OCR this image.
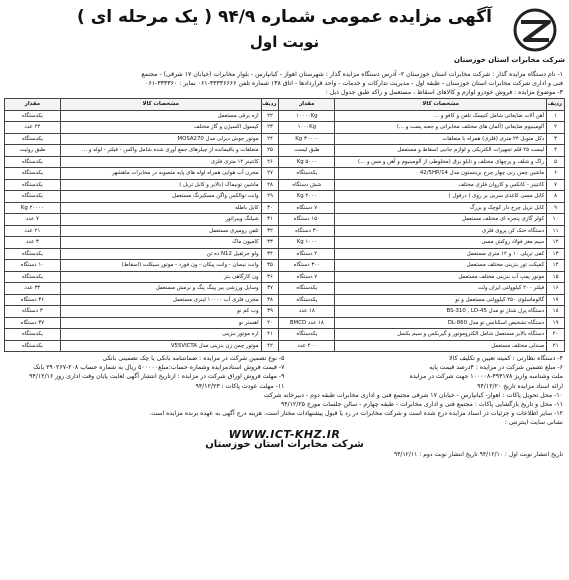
شرکت مخابرات استان خوزستان
آگهی مزایده عمومی شماره ۹۴/۹ ( یک مرحله ای )
نوبت اول

۱- نام دستگاه مزایده گذار : شرکت مخابرات استان خوزستان ۲- آدرس دستگاه مزایده گذار : شهرستان اهواز - کیانپارس - بلوار مخابرات (خیابان ۱۷ شرقی) - مجتمع

فنی و اداری شرکت مخابرات استان خوزستان - طبقه اول - مدیریت تدارکات و خدمات - واحد قراردادها - اتاق ۱۳۸ شماره تلفن ۳۳۳۳۶۶۶۶-۰۶۱ نمابر : ۳۳۳۳۶۰-۰۶۱

۳- موضوع مزایده : فروش خودرو لوازم و کالاهای اسقاط ، مستعمل و راکد طبق جدول ذیل :

ردیف	مشخصات کالا	مقدار	ردیف	مشخصات کالا	مقدار
۱	آهن آلات ضایعاتی شامل کنیسک تلفن و کافو و ...	۱۰۰۰۰Kg	۲۲	اره برقی مستعمل	یکدستگاه
۲	آلومینیوم ضایعاتی (آلمان های مختلف مخابراتی و جعبه پست و ...)	۱۰۰۰Kg	۲۳	کپسول اکسیژن و گاز مختلف	۲۴ عدد
۳	دکل متوبل ۲۴ متری (فلزی) همراه با متعلقات	۳۰۰۰۰ Kg	۲۴	موتور جوش دیزلی مدل MOSA270	یکدستگاه
۴	لیست ۲۵ قلم تجهیزات الکتریکی و لوازم جانبی اسقاط و مستعمل	طبق لیست	۲۵	متعلقات و باقیمانده از چیلرهای جمع آوری شده شامل واکس - فیلتر - لوله و ...	طبق روئیت
۵	راک و شلف و پرچهای مختلف و تابلو برق (مخلوطی از آلومینیوم و آهن و مس و ...)	۵۰۰۰ Kg	۲۶	کانتینر ۱۲ متری فلزی	یکدستگاه
۶	ماشین چمن زنی چهار چرخ برینستون مدل 42/5HP/14	یکدستگاه	۲۷	مخزن آب هوایی همراه لوله های پایه متصوبه در مخابرات ماهشهر	یکدستگاه
۷	کانتینر - کانکس و کاروان فلزی مختلف	شش دستگاه	۲۸	ماشین تونیماک (بالابر و کابل تریل )	یکدستگاه
۸	کابل مسی کاغذی سربی بر روی ( درقول )	۲۰۰۰ Kg	۲۹	وانت نوالکس واگن مسکیرنگ مستعمل	یکدستگاه
۹	کابل تریل چرخ دار کوچک و بزرگ	۷ دستگاه	۳۰	کابل باطله	۲۰۰۰۰ Kg
۱۰	کولر گازی پنجره ای مختلف مستعمل	۱۵۰ دستگاه	۳۱	شیلنگ ویبراتور	۷ عدد
۱۱	دستگاه خنک کن پروی فلزی	۳۰ دستگاه	۳۲	تلفن رومیزی مستعمل	۲۱ عدد
۱۲	سیم مغز فولاد روکش مسی	۱۰۰۰ Kg	۳۳	کامیون ماک	۳ عدد
۱۳	کفی تریلی ۱۰ و ۱۲ متری مستعمل	۲ دستگاه	۳۴	ولو جرثقیل N12 ده تن	یکدستگاه
۱۴	کمپکت تور بنزینی مختلف مستعمل	۳۰۰ دستگاه	۳۵	وانت نیسان - وانت پیکان - ون فورد - موتور سیکلت (اسقاط)	۱۰ دستگاه
۱۵	موتور پمپ آب بنزینی مختلف مستعمل	۷ دستگاه	۳۶	ون کارگاهی بنز	یکدستگاه
۱۶	فیلتر ۲۰۰ کیلوولتی ایران ولت	یکدستگاه	۳۷	وسایل ورزشی بیر پینگ پنگ و نرمش مستعمل	۳۴ عدد
۱۷	گالوماسلوی ۲۵۰ کیلوولتی مستعمل و نو	یکدستگاه	۳۸	مخزن فلزی آب ۱۰۰۰۰ لیتری مستعمل	۳۶ دستگاه
۱۸	دستگاه پرل شناز نو مدل BS-310 , LD-45	۱۸ عدد	۳۹	وب کم نو	۳ دستگاه
۱۹	دستگاه تشخیص اسکنانس نو مدل DL-860	۱۸ عدد BMCD	۴۰	اهستر نو	۳۷ دستگاه
۲۰	دستگاه بالابر مستعمل شامل الکتروموتور و گیربکس و سیم بکسل	یکدستگاه	۴۱	اره موتور بنزینی	یکدستگاه
۲۱	صندلی مختلف مستعمل	۴۰۰ عدد	۴۲	موتور چمن زن بنزینی مدل V55VICTA	یکدستگاه

۴- دستگاه نظارتی : کمیته تعیین و تکلیف کالا

۶- مبلغ تضمین شرکت در مزایده : ۴درصد قیمت پایه

ملت وشناسه واریز ۴۹۴۱۷۸-۱۰۰۰۰۸ جهت شرکت در مزایده

ارائه اسناد مزایده تاریخ ۹۴/۱۲/۲۰

۵- نوع تضمین شرکت در مزایده : ضمانتنامه بانکی یا چک تضمینی بانکی

۷- قیمت فروش اسنادمزایده وشماره حساب:مبلغ۵۰۰۰۰۰ ریال به شماره حساب ۲۰۸-۲۹۰۲۶۷ بانک

۹- مهلت فروش اوراق شرکت در مزایده : ازتاریخ انتشار آگهی لغایت پایان وقت اداری روز ۹۴/۱۲/۱۶

۱۱- مهلت عودت پاکات : ۹۴/۱۲/۲۳

۱۰- محل تحویل پاکات : اهواز- کیانپارس - خیابان ۱۷ شرقی مجتمع فنی و اداری مخابرات طبقه دوم - دبیرخانه شرکت

۱۱- محل و تاریخ بازگشایی پاکات : مجتمع فنی و اداری مخابرات - طبقه چهارم - سالن جلسات مورخ ۹۴/۱۲/۲۵

۱۲- سایر اطلاعات و جزئیات در اسناد مزایده درج شده است و شرکت مخابرات در رد یا قبول پیشنهادات مختار است. هزینه درج آگهی به عهده برنده مزایده است.

نشانی سایت اینترنتی :

WWW.ICT-KHZ.IR
شرکت مخابرات استان خوزستان
تاریخ انتشار نوبت اول : ۹۴/۱۲/۱۰ تاریخ انتشار نوبت دوم : ۹۴/۱۲/۱۱
